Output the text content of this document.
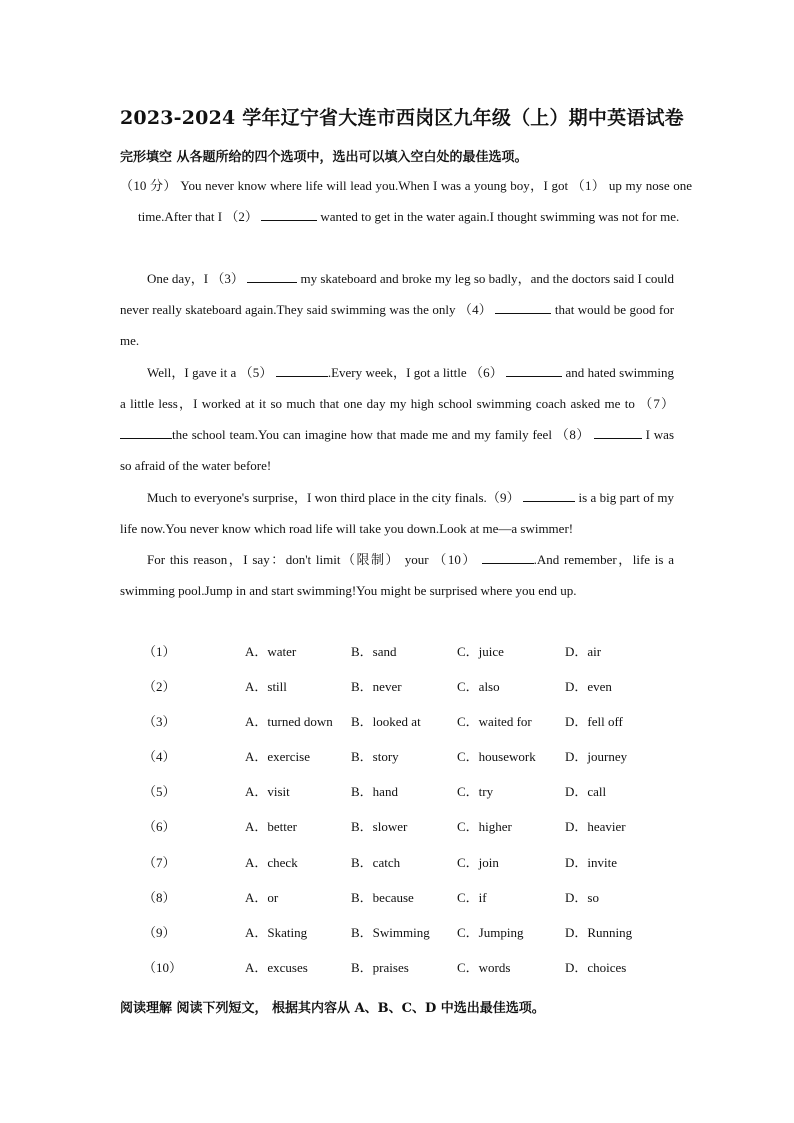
2023-2024 学年辽宁省大连市西岗区九年级（上）期中英语试卷
完形填空 从各题所给的四个选项中，选出可以填入空白处的最佳选项。
（10 分） You never know where life will lead you.When I was a young boy，I got （1） up my nose one time.After that I （2）	wanted to get in the water again.I thought swimming was not for me.
One day，I （3）	my skateboard and broke my leg so badly，and the doctors said I could never really skateboard again.They said swimming was the only （4）	that would be good for me.
Well，I gave it a （5）	.Every week，I got a little （6）	and hated swimming a little less，I worked at it so much that one day my high school swimming coach asked me to （7） the school team.You can imagine how that made me and my family feel （8）	I was so afraid of the water before!
Much to everyone's surprise，I won third place in the city finals.（9）	is a big part of my life now.You never know which road life will take you down.Look at me—a swimmer!
For this reason，I say：don't limit（限制） your （10）	.And remember，life is a swimming pool.Jump in and start swimming!You might be surprised where you end up.
（1）	A．water	B．sand	C．juice	D．air
（2）	A．still	B．never	C．also	D．even
（3）	A．turned down B．looked at	C．waited for	D．fell off
（4）	A．exercise	B．story	C．housework D．journey
（5）	A．visit	B．hand	C．try	D．call
（6）	A．better	B．slower	C．higher	D．heavier
（7）	A．check	B．catch	C．join	D．invite
（8）	A．or	B．because	C．if	D．so
（9）	A．Skating	B．Swimming C．Jumping	D．Running
（10）	A．excuses	B．praises	C．words	D．choices
阅读理解 阅读下列短文， 根据其内容从 A、B、C、D 中选出最佳选项。
